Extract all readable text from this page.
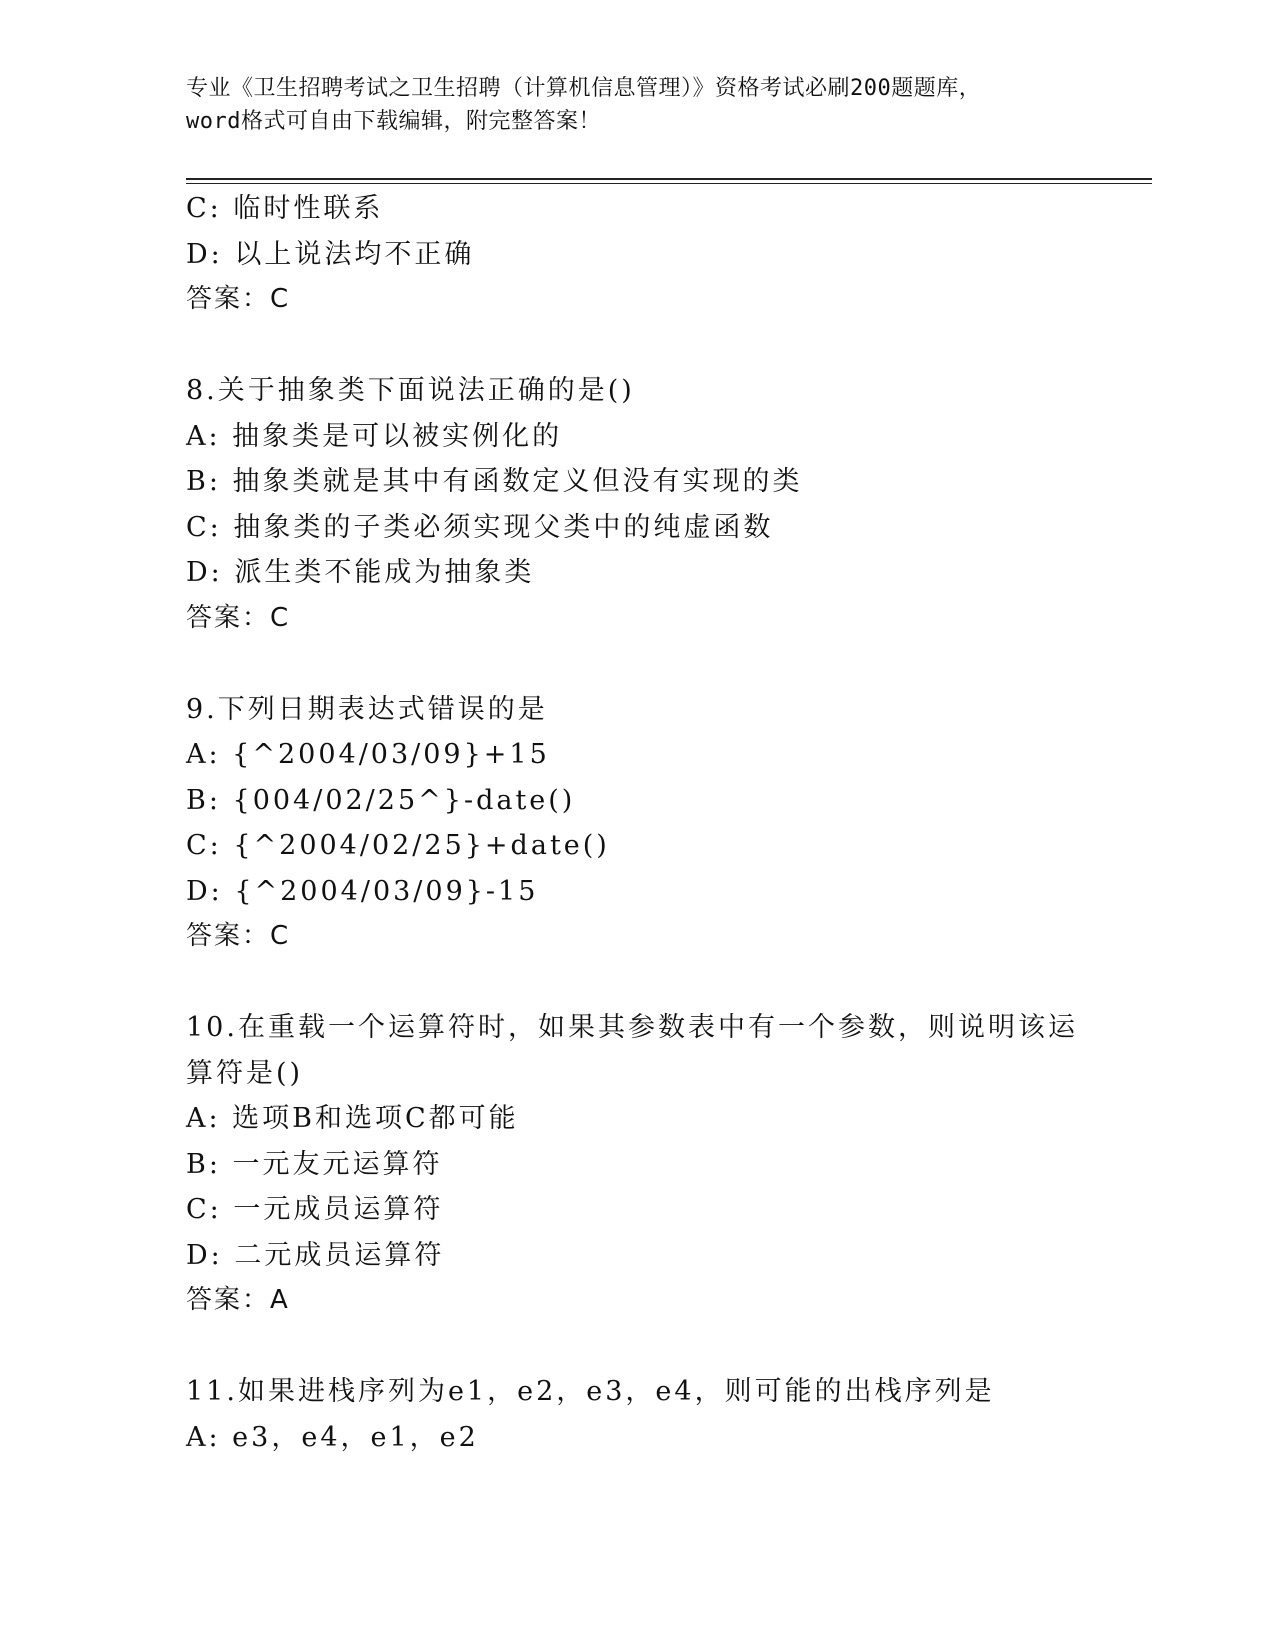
专业《卫生招聘考试之卫生招聘（计算机信息管理）》资格考试必刷200题题库，
word格式可自由下载编辑，附完整答案！
C: 临时性联系
D: 以上说法均不正确
答案：C
8.关于抽象类下面说法正确的是()
A: 抽象类是可以被实例化的
B: 抽象类就是其中有函数定义但没有实现的类
C: 抽象类的子类必须实现父类中的纯虚函数
D: 派生类不能成为抽象类
答案：C
9.下列日期表达式错误的是
A: {^2004/03/09}+15
B: {004/02/25^}-date()
C: {^2004/02/25}+date()
D: {^2004/03/09}-15
答案：C
10.在重载一个运算符时，如果其参数表中有一个参数，则说明该运算符是()
A: 选项B和选项C都可能
B: 一元友元运算符
C: 一元成员运算符
D: 二元成员运算符
答案：A
11.如果进栈序列为e1，e2，e3，e4，则可能的出栈序列是
A: e3，e4，e1，e2
